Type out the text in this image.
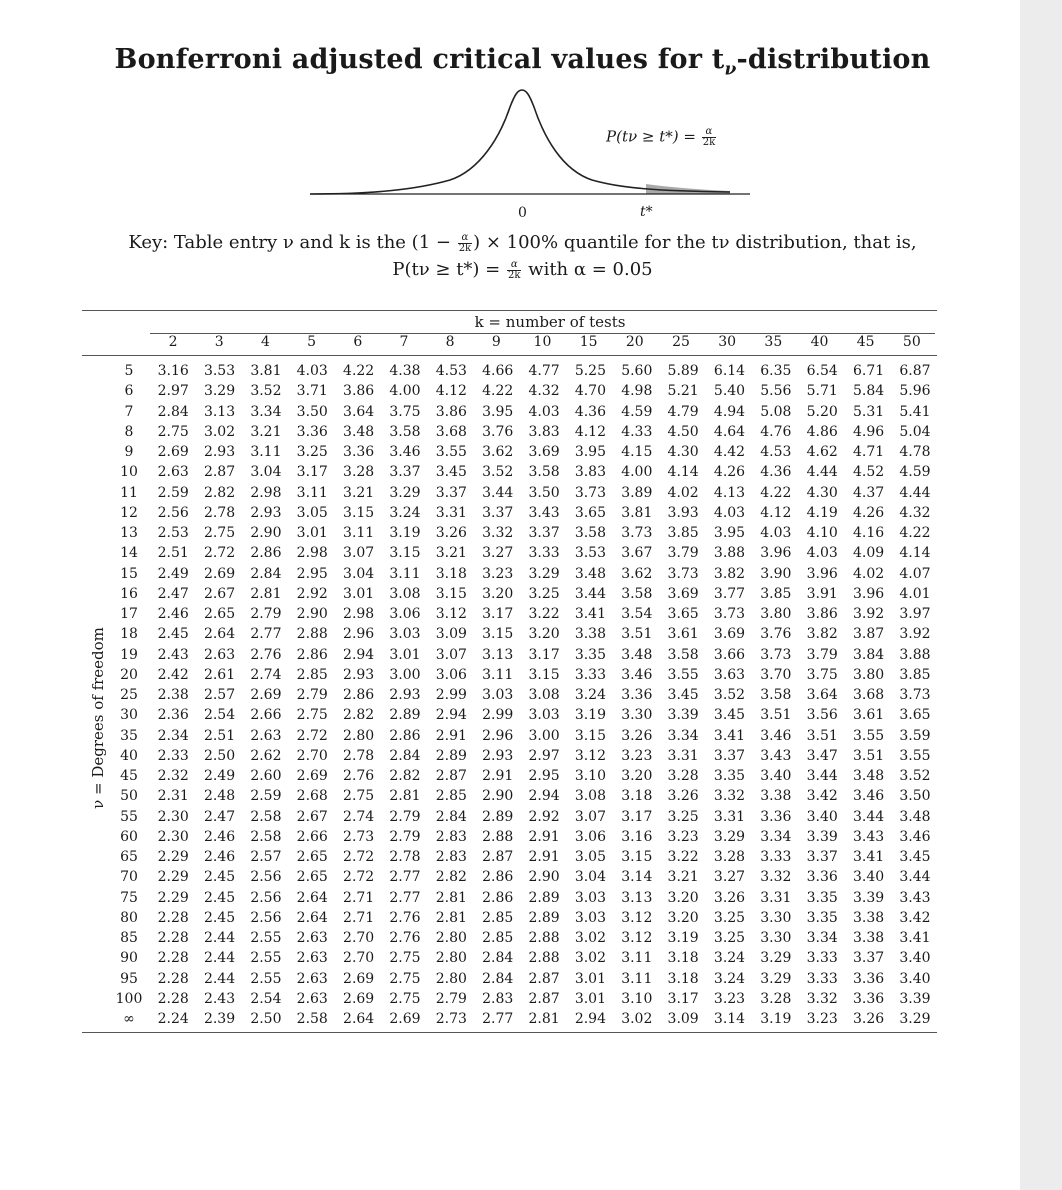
Bonferroni adjusted critical values for $t_\nu$-distribution
0	t*
$P(t\nu \ge t*) = \frac{\alpha}{2k}$
Key: Table entry ν and k is the ($1 - \frac{\alpha}{2k}$ ) × 100% quantile for the tν distribution, that is,
$P(t\nu \ge t*) = \frac{\alpha}{2k}$ with α = 0.05
k = number of tests
2	3	4	5	6	7	8	9	10	15	20	25	30	35	40	45	50
ν = Degrees of freedom
5	3.16	3.53	3.81	4.03	4.22	4.38	4.53	4.66	4.77	5.25	5.60	5.89	6.14	6.35	6.54	6.71	6.87
6	2.97	3.29	3.52	3.71	3.86	4.00	4.12	4.22	4.32	4.70	4.98	5.21	5.40	5.56	5.71	5.84	5.96
7	2.84	3.13	3.34	3.50	3.64	3.75	3.86	3.95	4.03	4.36	4.59	4.79	4.94	5.08	5.20	5.31	5.41
8	2.75	3.02	3.21	3.36	3.48	3.58	3.68	3.76	3.83	4.12	4.33	4.50	4.64	4.76	4.86	4.96	5.04
9	2.69	2.93	3.11	3.25	3.36	3.46	3.55	3.62	3.69	3.95	4.15	4.30	4.42	4.53	4.62	4.71	4.78
10	2.63	2.87	3.04	3.17	3.28	3.37	3.45	3.52	3.58	3.83	4.00	4.14	4.26	4.36	4.44	4.52	4.59
11	2.59	2.82	2.98	3.11	3.21	3.29	3.37	3.44	3.50	3.73	3.89	4.02	4.13	4.22	4.30	4.37	4.44
12	2.56	2.78	2.93	3.05	3.15	3.24	3.31	3.37	3.43	3.65	3.81	3.93	4.03	4.12	4.19	4.26	4.32
13	2.53	2.75	2.90	3.01	3.11	3.19	3.26	3.32	3.37	3.58	3.73	3.85	3.95	4.03	4.10	4.16	4.22
14	2.51	2.72	2.86	2.98	3.07	3.15	3.21	3.27	3.33	3.53	3.67	3.79	3.88	3.96	4.03	4.09	4.14
15	2.49	2.69	2.84	2.95	3.04	3.11	3.18	3.23	3.29	3.48	3.62	3.73	3.82	3.90	3.96	4.02	4.07
16	2.47	2.67	2.81	2.92	3.01	3.08	3.15	3.20	3.25	3.44	3.58	3.69	3.77	3.85	3.91	3.96	4.01
17	2.46	2.65	2.79	2.90	2.98	3.06	3.12	3.17	3.22	3.41	3.54	3.65	3.73	3.80	3.86	3.92	3.97
18	2.45	2.64	2.77	2.88	2.96	3.03	3.09	3.15	3.20	3.38	3.51	3.61	3.69	3.76	3.82	3.87	3.92
19	2.43	2.63	2.76	2.86	2.94	3.01	3.07	3.13	3.17	3.35	3.48	3.58	3.66	3.73	3.79	3.84	3.88
20	2.42	2.61	2.74	2.85	2.93	3.00	3.06	3.11	3.15	3.33	3.46	3.55	3.63	3.70	3.75	3.80	3.85
25	2.38	2.57	2.69	2.79	2.86	2.93	2.99	3.03	3.08	3.24	3.36	3.45	3.52	3.58	3.64	3.68	3.73
30	2.36	2.54	2.66	2.75	2.82	2.89	2.94	2.99	3.03	3.19	3.30	3.39	3.45	3.51	3.56	3.61	3.65
35	2.34	2.51	2.63	2.72	2.80	2.86	2.91	2.96	3.00	3.15	3.26	3.34	3.41	3.46	3.51	3.55	3.59
40	2.33	2.50	2.62	2.70	2.78	2.84	2.89	2.93	2.97	3.12	3.23	3.31	3.37	3.43	3.47	3.51	3.55
45	2.32	2.49	2.60	2.69	2.76	2.82	2.87	2.91	2.95	3.10	3.20	3.28	3.35	3.40	3.44	3.48	3.52
50	2.31	2.48	2.59	2.68	2.75	2.81	2.85	2.90	2.94	3.08	3.18	3.26	3.32	3.38	3.42	3.46	3.50
55	2.30	2.47	2.58	2.67	2.74	2.79	2.84	2.89	2.92	3.07	3.17	3.25	3.31	3.36	3.40	3.44	3.48
60	2.30	2.46	2.58	2.66	2.73	2.79	2.83	2.88	2.91	3.06	3.16	3.23	3.29	3.34	3.39	3.43	3.46
65	2.29	2.46	2.57	2.65	2.72	2.78	2.83	2.87	2.91	3.05	3.15	3.22	3.28	3.33	3.37	3.41	3.45
70	2.29	2.45	2.56	2.65	2.72	2.77	2.82	2.86	2.90	3.04	3.14	3.21	3.27	3.32	3.36	3.40	3.44
75	2.29	2.45	2.56	2.64	2.71	2.77	2.81	2.86	2.89	3.03	3.13	3.20	3.26	3.31	3.35	3.39	3.43
80	2.28	2.45	2.56	2.64	2.71	2.76	2.81	2.85	2.89	3.03	3.12	3.20	3.25	3.30	3.35	3.38	3.42
85	2.28	2.44	2.55	2.63	2.70	2.76	2.80	2.85	2.88	3.02	3.12	3.19	3.25	3.30	3.34	3.38	3.41
90	2.28	2.44	2.55	2.63	2.70	2.75	2.80	2.84	2.88	3.02	3.11	3.18	3.24	3.29	3.33	3.37	3.40
95	2.28	2.44	2.55	2.63	2.69	2.75	2.80	2.84	2.87	3.01	3.11	3.18	3.24	3.29	3.33	3.36	3.40
100	2.28	2.43	2.54	2.63	2.69	2.75	2.79	2.83	2.87	3.01	3.10	3.17	3.23	3.28	3.32	3.36	3.39
∞	2.24	2.39	2.50	2.58	2.64	2.69	2.73	2.77	2.81	2.94	3.02	3.09	3.14	3.19	3.23	3.26	3.29
